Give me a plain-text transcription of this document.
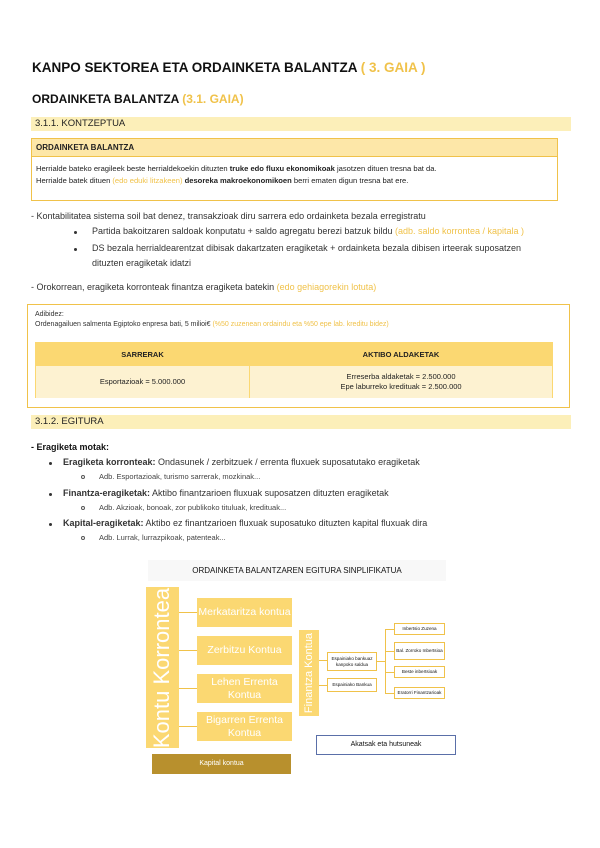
KANPO SEKTOREA ETA ORDAINKETA BALANTZA ( 3. GAIA )
ORDAINKETA BALANTZA (3.1. GAIA)
3.1.1. KONTZEPTUA
ORDAINKETA BALANTZA
Herrialde bateko eragileek beste herrialdekoekin dituzten truke edo fluxu ekonomikoak jasotzen dituen tresna bat da.
Herrialde batek dituen (edo eduki litzakeen) desoreka makroekonomikoen berri ematen digun tresna bat ere.
- Kontabilitatea sistema soil bat denez, transakzioak diru sarrera edo ordainketa bezala erregistratu
Partida bakoitzaren saldoak konputatu + saldo agregatu berezi batzuk bildu (adb. saldo korrontea / kapitala )
DS bezala herrialdearentzat dibisak dakartzaten eragiketak + ordainketa bezala dibisen irteerak suposatzen
dituzten eragiketak idatzi
- Orokorrean, eragiketa korronteak finantza eragiketa batekin (edo gehiagorekin lotuta)
Adibidez:
Ordenagailuen salmenta Egiptoko enpresa bati, 5 milioi€ (%50 zuzenean ordaindu eta %50 epe lab. kreditu bidez)
SARRERAK	AKTIBO ALDAKETAK
Esportazioak = 5.000.000	Erreserba aldaketak = 2.500.000
Epe laburreko kredituak = 2.500.000
3.1.2. EGITURA
- Eragiketa motak:
Eragiketa korronteak: Ondasunek / zerbitzuek / errenta fluxuek suposatutako eragiketak
Adb. Esportazioak, turismo sarrerak, mozkinak...
Finantza-eragiketak: Aktibo finantzarioen fluxuak suposatzen dituzten eragiketak
Adb. Akzioak, bonoak, zor publikoko tituluak, kredituak...
Kapital-eragiketak: Aktibo ez finantzarioen fluxuak suposatuko dituzten kapital fluxuak dira
Adb. Lurrak, lurrazpikoak, patenteak...
ORDAINKETA BALANTZAREN EGITURA SINPLIFIKATUA
Kontu Korrontea Merkataritza kontua
Zerbitzu Kontua
Lehen Errenta Kontua
Bigarren Errenta Kontua
Kapital kontua
Finantza Kontua	Espainiako bankuaz kanpoko saldua
Espainiako Bankua
Inbertsio Zuzena
Bal. Zorroko Inbertsioa
Beste inbertsioak
Eratorri Finantzarioak
Akatsak eta hutsuneak
